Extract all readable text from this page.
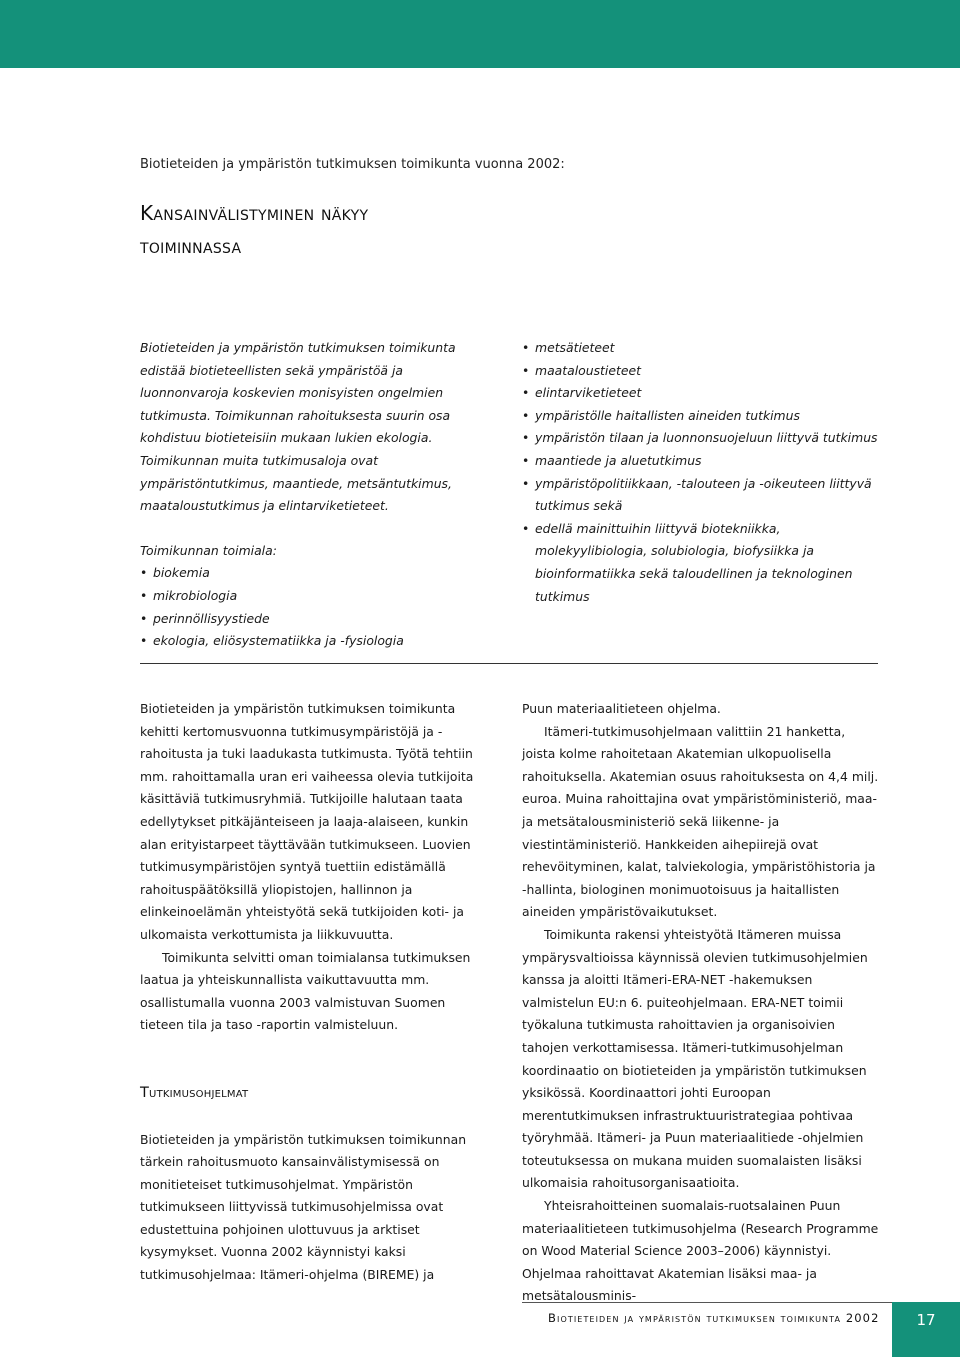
Biotieteiden ja ympäristön tutkimuksen toimikunta vuonna 2002:
Kansainvälistyminen näkyy
toiminnassa

Biotieteiden ja ympäristön tutkimuksen toimikunta edistää biotieteellisten sekä ympäristöä ja luonnonvaroja koskevien monisyisten ongelmien tutkimusta. Toimikunnan rahoituksesta suurin osa kohdistuu biotieteisiin mukaan lukien ekologia. Toimikunnan muita tutkimusaloja ovat ympäristöntutkimus, maantiede, metsäntutkimus, maataloustutkimus ja elintarviketieteet.

Toimikunnan toimiala:

• biokemia
• mikrobiologia
• perinnöllisyystiede
• ekologia, eliösystematiikka ja -fysiologia
• metsätieteet
• maataloustieteet
• elintarviketieteet
• ympäristölle haitallisten aineiden tutkimus
• ympäristön tilaan ja luonnonsuojeluun liittyvä tutkimus
• maantiede ja aluetutkimus
• ympäristöpolitiikkaan, -talouteen ja -oikeuteen liittyvä tutkimus sekä
• edellä mainittuihin liittyvä biotekniikka, molekyylibiologia, solubiologia, biofysiikka ja bioinformatiikka sekä taloudellinen ja teknologinen tutkimus

Biotieteiden ja ympäristön tutkimuksen toimikunta kehitti kertomusvuonna tutkimusympäristöjä ja -rahoitusta ja tuki laadukasta tutkimusta. Työtä tehtiin mm. rahoittamalla uran eri vaiheessa olevia tutkijoita käsittäviä tutkimusryhmiä. Tutkijoille halutaan taata edellytykset pitkäjänteiseen ja laaja-alaiseen, kunkin alan erityistarpeet täyttävään tutkimukseen. Luovien tutkimusympäristöjen syntyä tuettiin edistämällä rahoituspäätöksillä yliopistojen, hallinnon ja elinkeinoelämän yhteistyötä sekä tutkijoiden koti- ja ulkomaista verkottumista ja liikkuvuutta.

Toimikunta selvitti oman toimialansa tutkimuksen laatua ja yhteiskunnallista vaikuttavuutta mm. osallistumalla vuonna 2003 valmistuvan Suomen tieteen tila ja taso -raportin valmisteluun.

Tutkimusohjelmat

Biotieteiden ja ympäristön tutkimuksen toimikunnan tärkein rahoitusmuoto kansainvälistymisessä on monitieteiset tutkimusohjelmat. Ympäristön tutkimukseen liittyvissä tutkimusohjelmissa ovat edustettuina pohjoinen ulottuvuus ja arktiset kysymykset. Vuonna 2002 käynnistyi kaksi tutkimusohjelmaa: Itämeri-ohjelma (BIREME) ja

Puun materiaalitieteen ohjelma.

Itämeri-tutkimusohjelmaan valittiin 21 hanketta, joista kolme rahoitetaan Akatemian ulkopuolisella rahoituksella. Akatemian osuus rahoituksesta on 4,4 milj. euroa. Muina rahoittajina ovat ympäristöministeriö, maa- ja metsätalousministeriö sekä liikenne- ja viestintäministeriö. Hankkeiden aihepiirejä ovat rehevöityminen, kalat, talviekologia, ympäristöhistoria ja -hallinta, biologinen monimuotoisuus ja haitallisten aineiden ympäristövaikutukset.

Toimikunta rakensi yhteistyötä Itämeren muissa ympärysvaltioissa käynnissä olevien tutkimusohjelmien kanssa ja aloitti Itämeri-ERA-NET -hakemuksen valmistelun EU:n 6. puiteohjelmaan. ERA-NET toimii työkaluna tutkimusta rahoittavien ja organisoivien tahojen verkottamisessa. Itämeri-tutkimusohjelman koordinaatio on biotieteiden ja ympäristön tutkimuksen yksikössä. Koordinaattori johti Euroopan merentutkimuksen infrastruktuuristrategiaa pohtivaa työryhmää. Itämeri- ja Puun materiaalitiede -ohjelmien toteutuksessa on mukana muiden suomalaisten lisäksi ulkomaisia rahoitusorganisaatioita.

Yhteisrahoitteinen suomalais-ruotsalainen Puun materiaalitieteen tutkimusohjelma (Research Programme on Wood Material Science 2003–2006) käynnistyi. Ohjelmaa rahoittavat Akatemian lisäksi maa- ja metsätalousminis-

Biotieteiden ja ympäristön tutkimuksen toimikunta 2002	17
